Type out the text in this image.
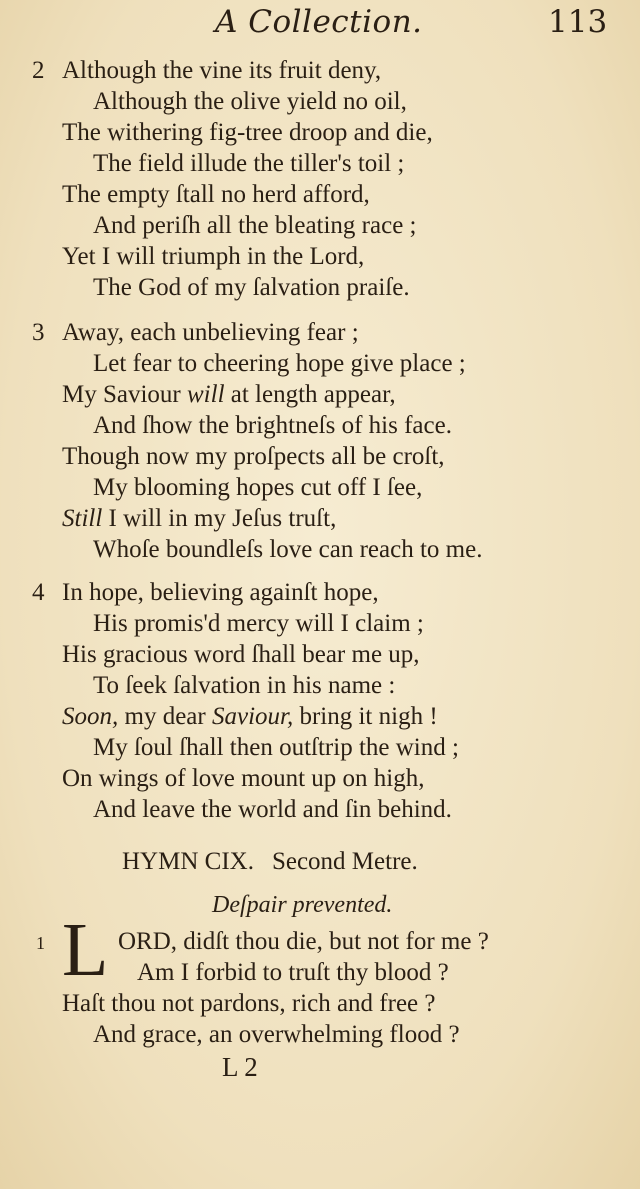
A Collection.	113
2 Although the vine its fruit deny,
Although the olive yield no oil,
The withering fig-tree droop and die,
The field illude the tiller's toil ;
The empty ſtall no herd afford,
And periſh all the bleating race ;
Yet I will triumph in the Lord,
The God of my ſalvation praiſe.
3 Away, each unbelieving fear ;
Let fear to cheering hope give place ;
My Saviour will at length appear,
And ſhow the brightneſs of his face.
Though now my proſpects all be croſt,
My blooming hopes cut off I ſee,
Still I will in my Jeſus truſt,
Whoſe boundleſs love can reach to me.
4 In hope, believing againſt hope,
His promis'd mercy will I claim ;
His gracious word ſhall bear me up,
To ſeek ſalvation in his name :
Soon, my dear Saviour, bring it nigh !
My ſoul ſhall then outſtrip the wind ;
On wings of love mount up on high,
And leave the world and ſin behind.
HYMN CIX. Second Metre.
Deſpair prevented.
1 L ORD, didſt thou die, but not for me ?
Am I forbid to truſt thy blood ?
Haſt thou not pardons, rich and free ?
And grace, an overwhelming flood ?
L 2
